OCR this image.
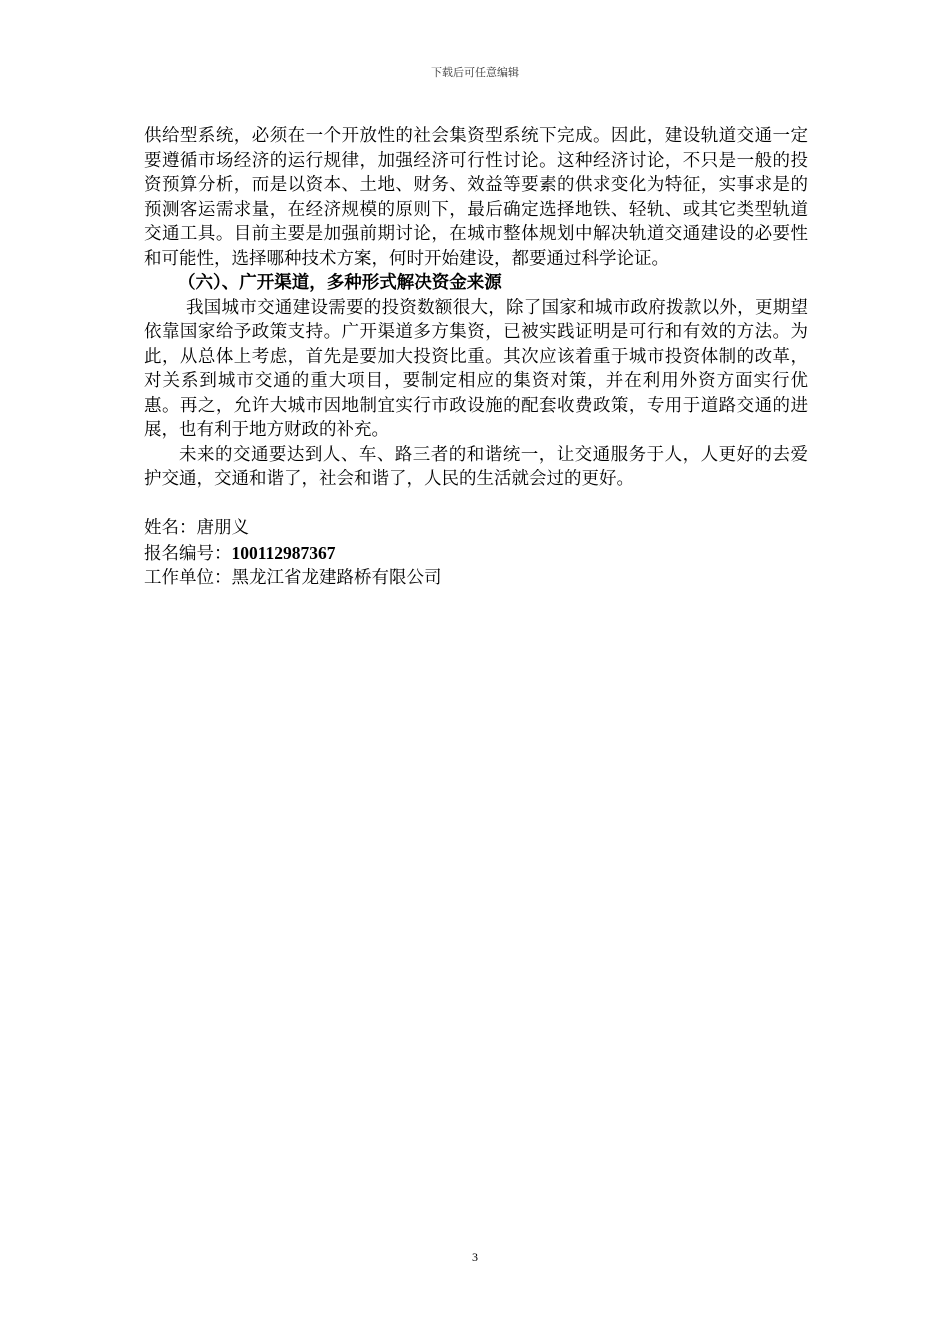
下载后可任意编辑

供给型系统，必须在一个开放性的社会集资型系统下完成。因此，建设轨道交通一定要遵循市场经济的运行规律，加强经济可行性讨论。这种经济讨论，不只是一般的投资预算分析，而是以资本、土地、财务、效益等要素的供求变化为特征，实事求是的预测客运需求量，在经济规模的原则下，最后确定选择地铁、轻轨、或其它类型轨道交通工具。目前主要是加强前期讨论，在城市整体规划中解决轨道交通建设的必要性和可能性，选择哪种技术方案，何时开始建设，都要通过科学论证。

（六）、广开渠道，多种形式解决资金来源

我国城市交通建设需要的投资数额很大，除了国家和城市政府拨款以外，更期望依靠国家给予政策支持。广开渠道多方集资，已被实践证明是可行和有效的方法。为此，从总体上考虑，首先是要加大投资比重。其次应该着重于城市投资体制的改革，对关系到城市交通的重大项目，要制定相应的集资对策，并在利用外资方面实行优惠。再之，允许大城市因地制宜实行市政设施的配套收费政策，专用于道路交通的进展，也有利于地方财政的补充。

未来的交通要达到人、车、路三者的和谐统一，让交通服务于人，人更好的去爱护交通，交通和谐了，社会和谐了，人民的生活就会过的更好。

姓名：唐朋义

报名编号：100112987367

工作单位：黑龙江省龙建路桥有限公司

3
